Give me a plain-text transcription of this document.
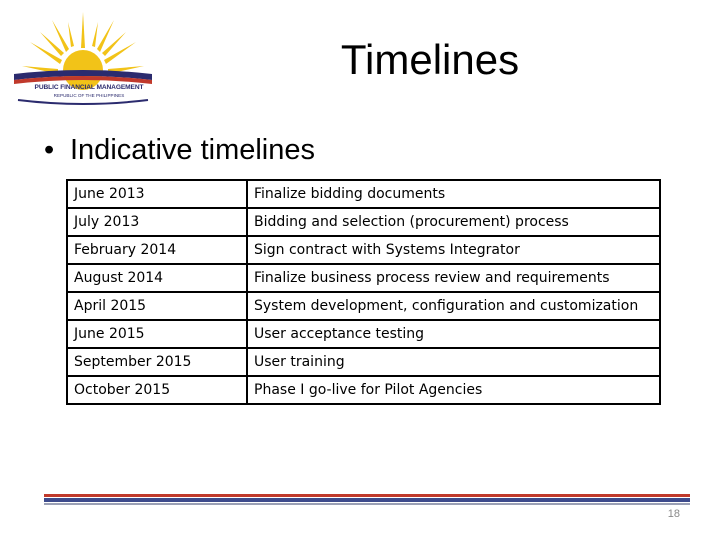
PUBLIC FINANCIAL MANAGEMENT
REPUBLIC OF THE PHILIPPINES
Timelines
• Indicative timelines
June 2013	Finalize bidding documents
July 2013	Bidding and selection (procurement) process
February 2014	Sign contract with Systems Integrator
August 2014	Finalize business process review and requirements
April 2015	System development, configuration and customization
June 2015	User acceptance testing
September 2015	User training
October 2015	Phase I go-live for Pilot Agencies
18
